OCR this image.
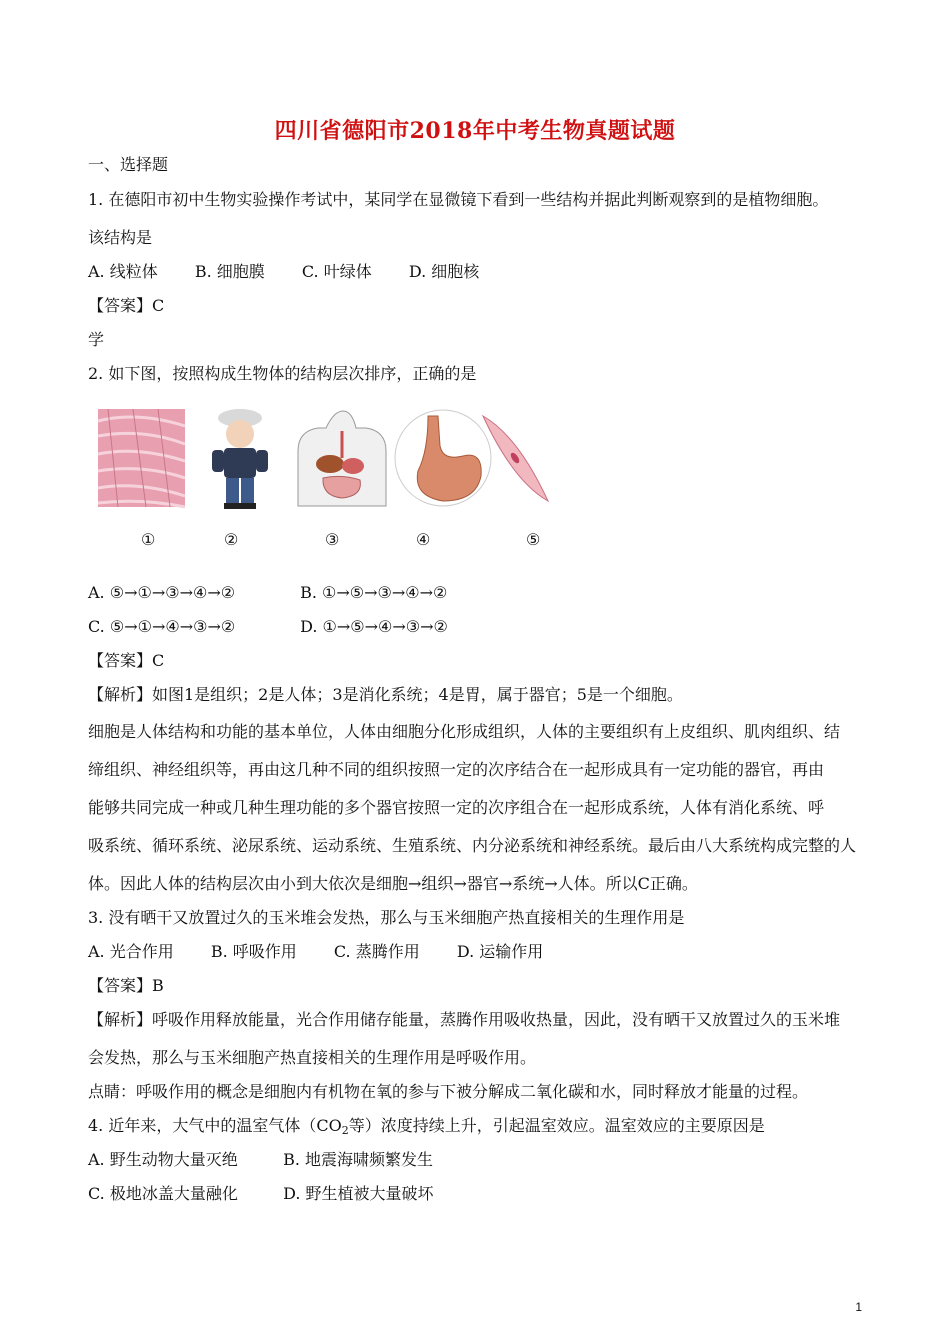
四川省德阳市2018年中考生物真题试题
一、选择题
1. 在德阳市初中生物实验操作考试中，某同学在显微镜下看到一些结构并据此判断观察到的是植物细胞。
该结构是
A. 线粒体 B. 细胞膜 C. 叶绿体 D. 细胞核
【答案】C
学
2. 如下图，按照构成生物体的结构层次排序，正确的是
①	②	③	④	⑤
A. ⑤→①→③→④→②	B. ①→⑤→③→④→②
C. ⑤→①→④→③→②	D. ①→⑤→④→③→②
【答案】C
【解析】如图1是组织；2是人体；3是消化系统；4是胃，属于器官；5是一个细胞。
细胞是人体结构和功能的基本单位，人体由细胞分化形成组织，人体的主要组织有上皮组织、肌肉组织、结
缔组织、神经组织等，再由这几种不同的组织按照一定的次序结合在一起形成具有一定功能的器官，再由
能够共同完成一种或几种生理功能的多个器官按照一定的次序组合在一起形成系统，人体有消化系统、呼
吸系统、循环系统、泌尿系统、运动系统、生殖系统、内分泌系统和神经系统。最后由八大系统构成完整的人
体。因此人体的结构层次由小到大依次是细胞→组织→器官→系统→人体。所以C正确。
3. 没有晒干又放置过久的玉米堆会发热，那么与玉米细胞产热直接相关的生理作用是
A. 光合作用 B. 呼吸作用 C. 蒸腾作用 D. 运输作用
【答案】B
【解析】呼吸作用释放能量，光合作用储存能量，蒸腾作用吸收热量，因此，没有晒干又放置过久的玉米堆
会发热，那么与玉米细胞产热直接相关的生理作用是呼吸作用。
点睛：呼吸作用的概念是细胞内有机物在氧的参与下被分解成二氧化碳和水，同时释放才能量的过程。
4. 近年来，大气中的温室气体（$CO_2$等）浓度持续上升，引起温室效应。温室效应的主要原因是
A. 野生动物大量灭绝	B. 地震海啸频繁发生
C. 极地冰盖大量融化	D. 野生植被大量破坏
1
